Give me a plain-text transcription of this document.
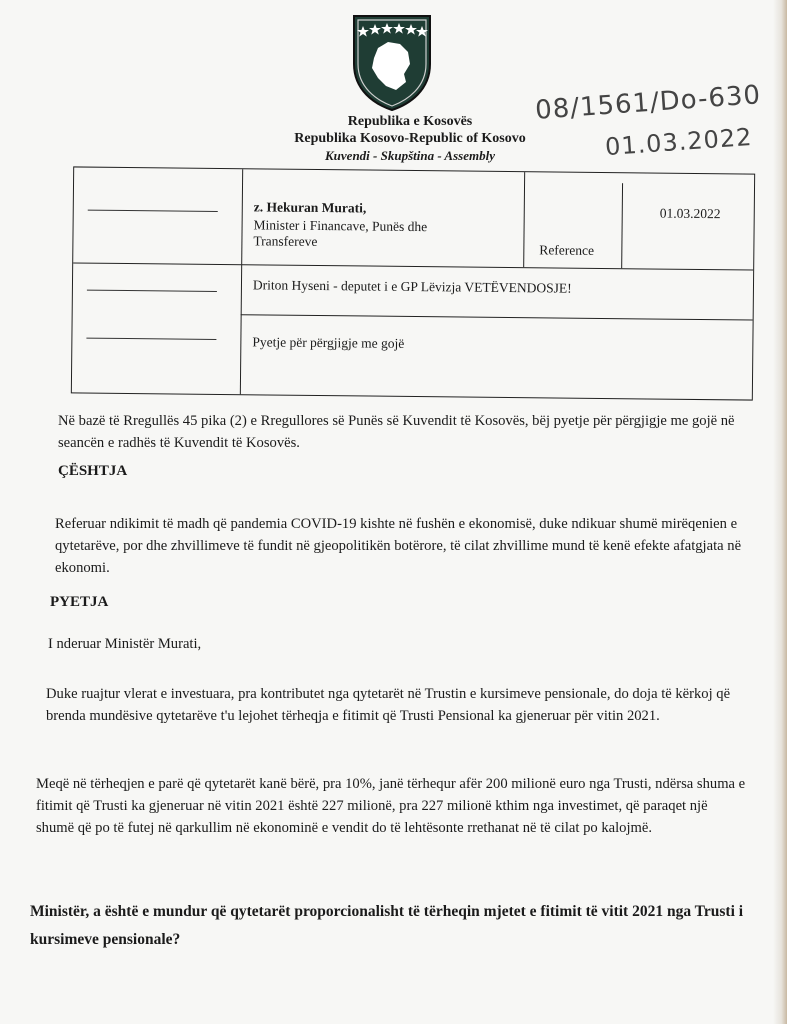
Republika e Kosovës
Republika Kosovo-Republic of Kosovo
Kuvendi - Skupština - Assembly
08/1561/Do-630
01.03.2022
z. Hekuran Murati,
Minister i Financave, Punës dhe
Transfereve
01.03.2022
Reference
Driton Hyseni - deputet i e GP Lëvizja VETËVENDOSJE!
Pyetje për përgjigje me gojë
Në bazë të Rregullës 45 pika (2) e Rregullores së Punës së Kuvendit të Kosovës, bëj pyetje për përgjigje me gojë në seancën e radhës të Kuvendit të Kosovës.
ÇËSHTJA
Referuar ndikimit të madh që pandemia COVID-19 kishte në fushën e ekonomisë, duke ndikuar shumë mirëqenien e qytetarëve, por dhe zhvillimeve të fundit në gjeopolitikën botërore, të cilat zhvillime mund të kenë efekte afatgjata në ekonomi.
PYETJA
I nderuar Ministër Murati,
Duke ruajtur vlerat e investuara, pra kontributet nga qytetarët në Trustin e kursimeve pensionale, do doja të kërkoj që brenda mundësive qytetarëve t'u lejohet tërheqja e fitimit që Trusti Pensional ka gjeneruar për vitin 2021.
Meqë në tërheqjen e parë që qytetarët kanë bërë, pra 10%, janë tërhequr afër 200 milionë euro nga Trusti, ndërsa shuma e fitimit që Trusti ka gjeneruar në vitin 2021 është 227 milionë, pra 227 milionë kthim nga investimet, që paraqet një shumë që po të futej në qarkullim në ekonominë e vendit do të lehtësonte rrethanat në të cilat po kalojmë.
Ministër, a është e mundur që qytetarët proporcionalisht të tërheqin mjetet e fitimit të vitit 2021 nga Trusti i kursimeve pensionale?
